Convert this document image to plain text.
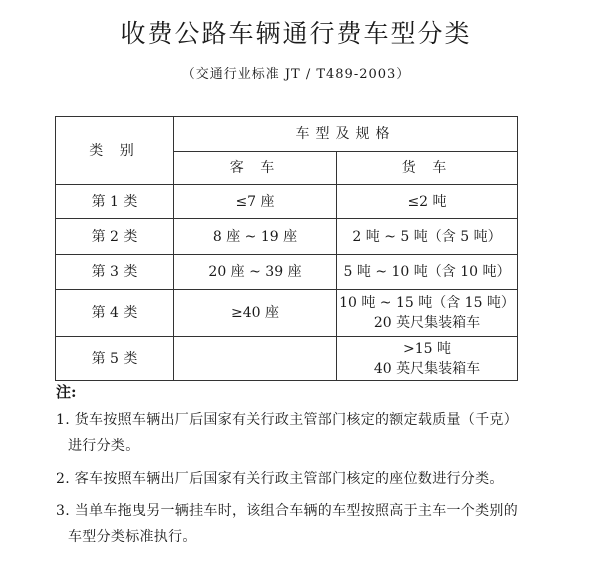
收费公路车辆通行费车型分类
（交通行业标准 JT / T489-2003）
类 别	车型及规格	
	客 车	货 车
第 1 类	≤7 座	≤2 吨

第 2 类	8 座 ~ 19 座	2 吨 ~ 5 吨（含 5 吨）

第 3 类	20 座 ~ 39 座	5 吨 ~ 10 吨（含 10 吨）

第 4 类	≥40 座	10 吨 ~ 15 吨（含 15 吨）
20 英尺集装箱车

第 5 类		>15 吨
40 英尺集装箱车
注:
1. 货车按照车辆出厂后国家有关行政主管部门核定的额定载质量（千克）
进行分类。
2. 客车按照车辆出厂后国家有关行政主管部门核定的座位数进行分类。
3. 当单车拖曳另一辆挂车时，该组合车辆的车型按照高于主车一个类别的
车型分类标准执行。
